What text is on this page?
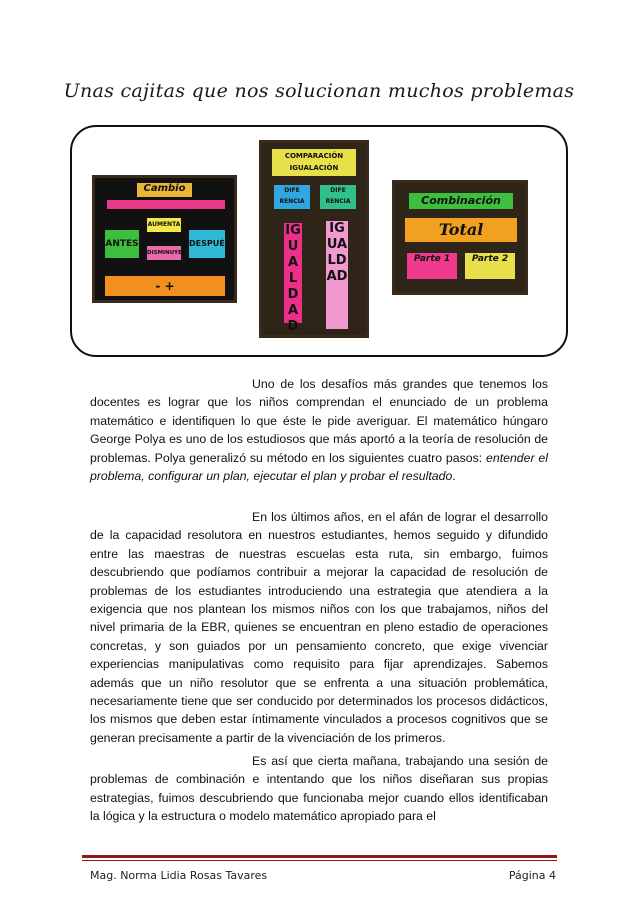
Unas cajitas que nos solucionan muchos problemas
Cambio
ANTES
AUMENTA
DISMINUYE
DESPUÉS
- +
COMPARACIÓN IGUALACIÓN
DIFE RENCIA
DIFE RENCIA
IGUALDAD
IGUALDAD
Combinación
Total
Parte 1	Parte 2

Uno de los desafíos más grandes que tenemos los docentes es lograr que los niños comprendan el enunciado de un problema matemático e identifiquen lo que éste le pide averiguar. El matemático húngaro George Polya es uno de los estudiosos que más aportó a la teoría de resolución de problemas. Polya generalizó su método en los siguientes cuatro pasos: entender el problema, configurar un plan, ejecutar el plan y probar el resultado.

En los últimos años, en el afán de lograr el desarrollo de la capacidad resolutora en nuestros estudiantes, hemos seguido y difundido entre las maestras de nuestras escuelas esta ruta, sin embargo, fuimos descubriendo que podíamos contribuir a mejorar la capacidad de resolución de problemas de los estudiantes introduciendo una estrategia que atendiera a la exigencia que nos plantean los mismos niños con los que trabajamos, niños del nivel primaria de la EBR, quienes se encuentran en pleno estadio de operaciones concretas, y son guiados por un pensamiento concreto, que exige vivenciar experiencias manipulativas como requisito para fijar aprendizajes. Sabemos además que un niño resolutor que se enfrenta a una situación problemática, necesariamente tiene que ser conducido por determinados los procesos didácticos, los mismos que deben estar íntimamente vinculados a procesos cognitivos que se generan precisamente a partir de la vivenciación de los primeros.

Es así que cierta mañana, trabajando una sesión de problemas de combinación e intentando que los niños diseñaran sus propias estrategias, fuimos descubriendo que funcionaba mejor cuando ellos identificaban la lógica y la estructura o modelo matemático apropiado para el

Mag. Norma Lidia Rosas Tavares	Página 4
